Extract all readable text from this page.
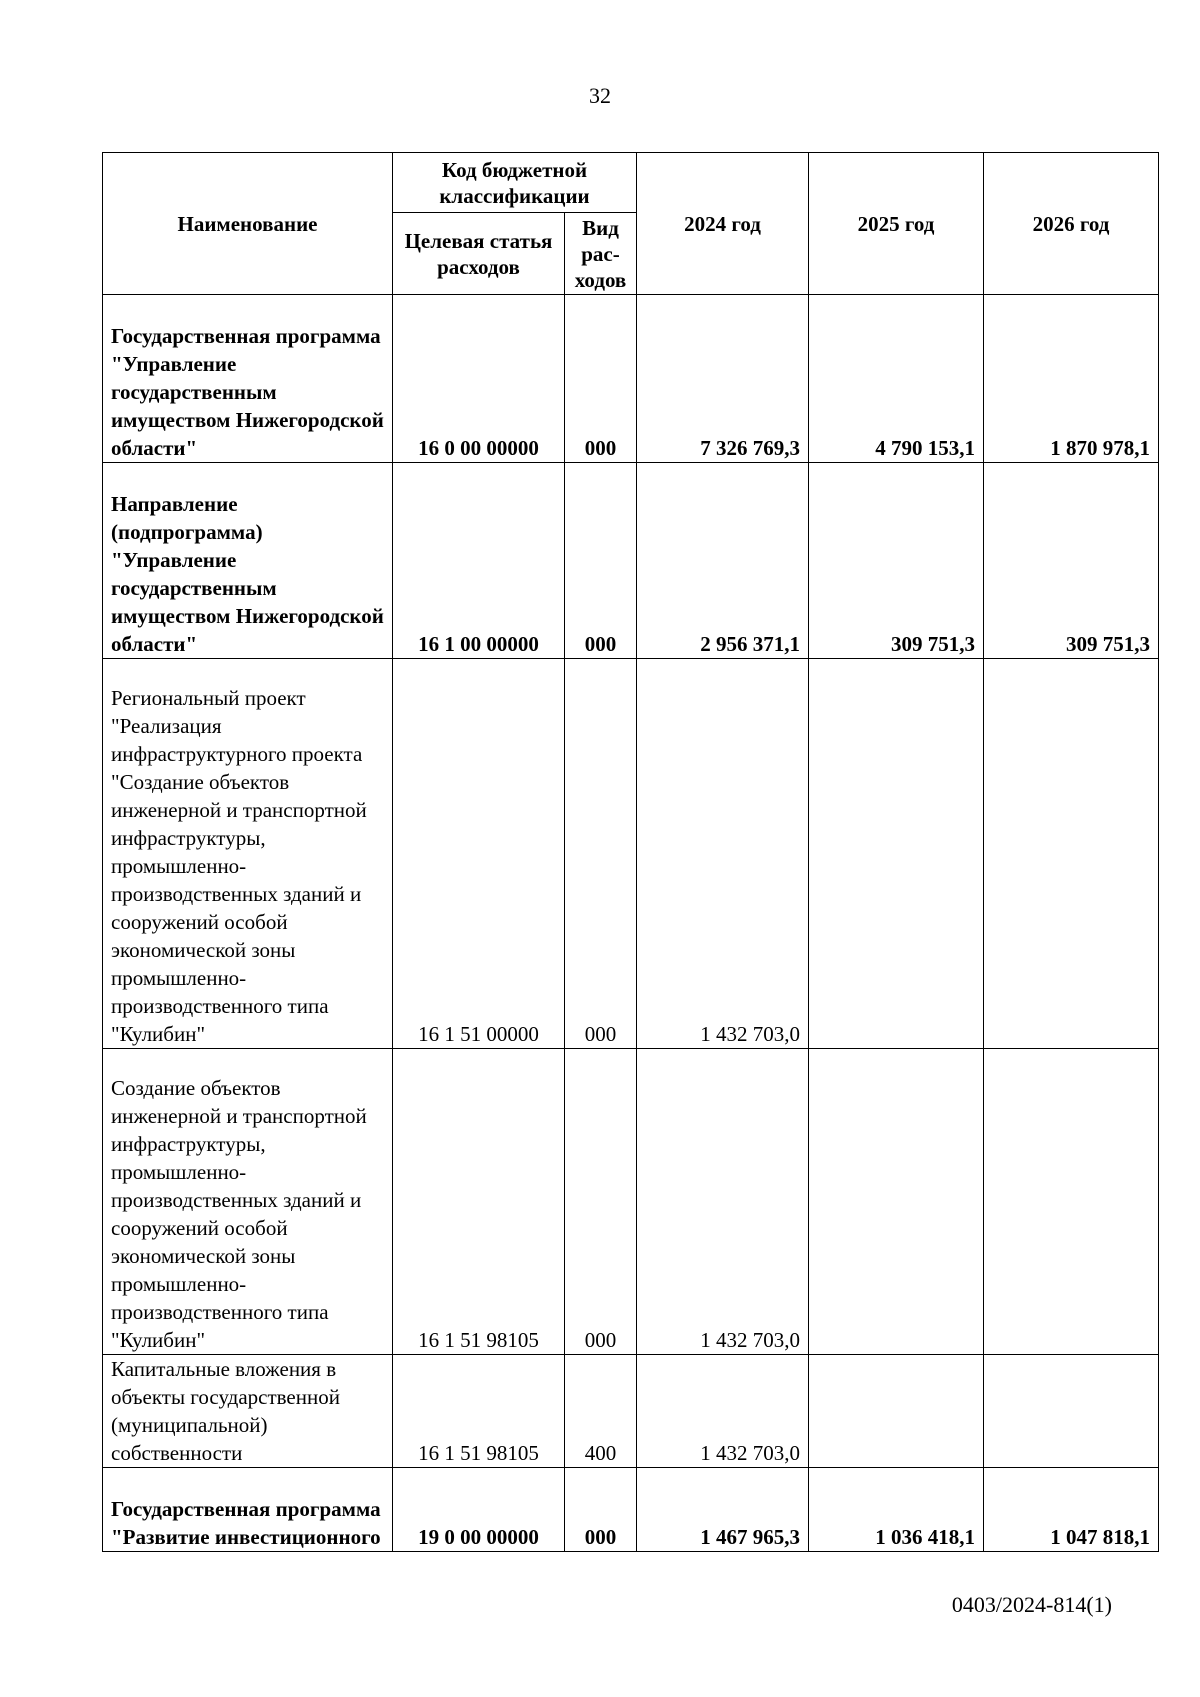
32
Наименование	Код бюджетной классификации		2024 год	2025 год	2026 год
	Целевая статья расходов	Вид рас-ходов			
Государственная программа "Управление государственным имуществом Нижегородской области"	16 0 00 00000	000	7 326 769,3	4 790 153,1	1 870 978,1
Направление (подпрограмма) "Управление государственным имуществом Нижегородской области"	16 1 00 00000	000	2 956 371,1	309 751,3	309 751,3
Региональный проект "Реализация инфраструктурного проекта "Создание объектов инженерной и транспортной инфраструктуры, промышленно-производственных зданий и сооружений особой экономической зоны промышленно-производственного типа "Кулибин"	16 1 51 00000	000	1 432 703,0		
Создание объектов инженерной и транспортной инфраструктуры, промышленно-производственных зданий и сооружений особой экономической зоны промышленно-производственного типа "Кулибин"	16 1 51 98105	000	1 432 703,0		
Капитальные вложения в объекты государственной (муниципальной) собственности	16 1 51 98105	400	1 432 703,0		
Государственная программа "Развитие инвестиционного	19 0 00 00000	000	1 467 965,3	1 036 418,1	1 047 818,1
0403/2024-814(1)
